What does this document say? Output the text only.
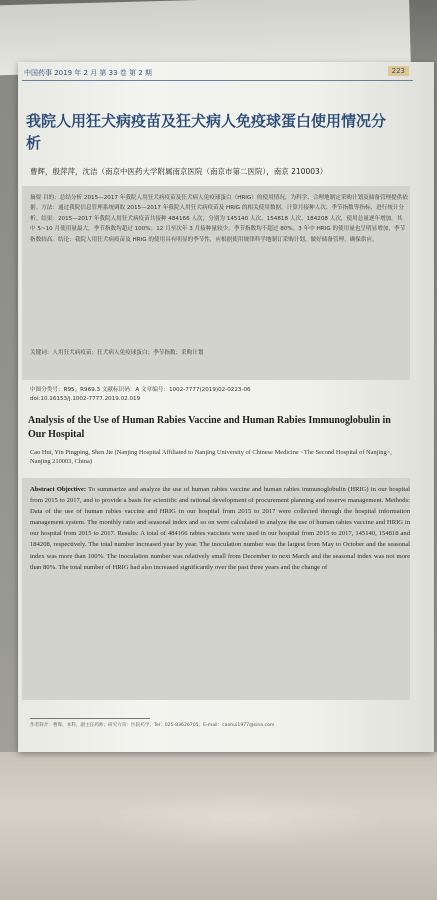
中国药事 2019 年 2 月 第 33 卷 第 2 期	223
我院人用狂犬病疫苗及狂犬病人免疫球蛋白使用情况分析
曹辉，殷萍萍，沈洁（南京中医药大学附属南京医院（南京市第二医院），南京 210003）
摘要 目的：总结分析 2015—2017 年我院人用狂犬病疫苗及狂犬病人免疫球蛋白（HRIG）的使用情况，为科学、合理地制定采购计划及储备管理提供依据。方法：通过我院信息管理系统调取 2015—2017 年我院人用狂犬病疫苗及 HRIG 的相关使用数据，计算月接种人次、季节指数等指标，进行统计分析。结果：2015—2017 年我院人用狂犬病疫苗共接种 484166 人次，分别为 145140 人次、154818 人次、184208 人次，使用总量逐年增加。其中 5~10 月使用量最大，季节指数均超过 100%；12 月至次年 3 月接种量较少，季节指数均不超过 80%。3 年中 HRIG 的使用量也呈明显增加，季节指数较高。结论：我院人用狂犬病疫苗及 HRIG 的使用具有明显的季节性，应根据使用规律科学地制订采购计划，做好储备管理，确保供应。
关键词：人用狂犬病疫苗；狂犬病人免疫球蛋白；季节指数；采购计划
中图分类号：R95；R969.3 文献标识码：A 文章编号：1002-7777(2019)02-0223-06
doi:10.16153/j.1002-7777.2019.02.019
Analysis of the Use of Human Rabies Vaccine and Human Rabies Immunoglobulin in Our Hospital
Cao Hui, Yin Pingping, Shen Jie (Nanjing Hospital Affiliated to Nanjing University of Chinese Medicine <The Second Hospital of Nanjing>, Nanjing 210003, China)
Abstract Objective: To summarize and analyze the use of human rabies vaccine and human rabies immunoglobulin (HRIG) in our hospital from 2015 to 2017, and to provide a basis for scientific and rational development of procurement planning and reserve management. Methods: Data of the use of human rabies vaccine and HRIG in our hospital from 2015 to 2017 were collected through the hospital information management system. The monthly ratio and seasonal index and so on were calculated to analyze the use of human rabies vaccine and HRIG in our hospital from 2015 to 2017. Results: A total of 484166 rabies vaccines were used in our hospital from 2015 to 2017, 145140, 154818 and 184208, respectively. The total number increased year by year. The inoculation number was the largest from May to October and the seasonal index was more than 100%. The inoculation number was relatively small from December to next March and the seasonal index was not more than 80%. The total number of HRIG had also increased significantly over the past three years and the change of
作者简介：曹辉，本科，副主任药师；研究方向：医院药学；Tel：025-83626705；E-mail：caohui1977@sina.com
